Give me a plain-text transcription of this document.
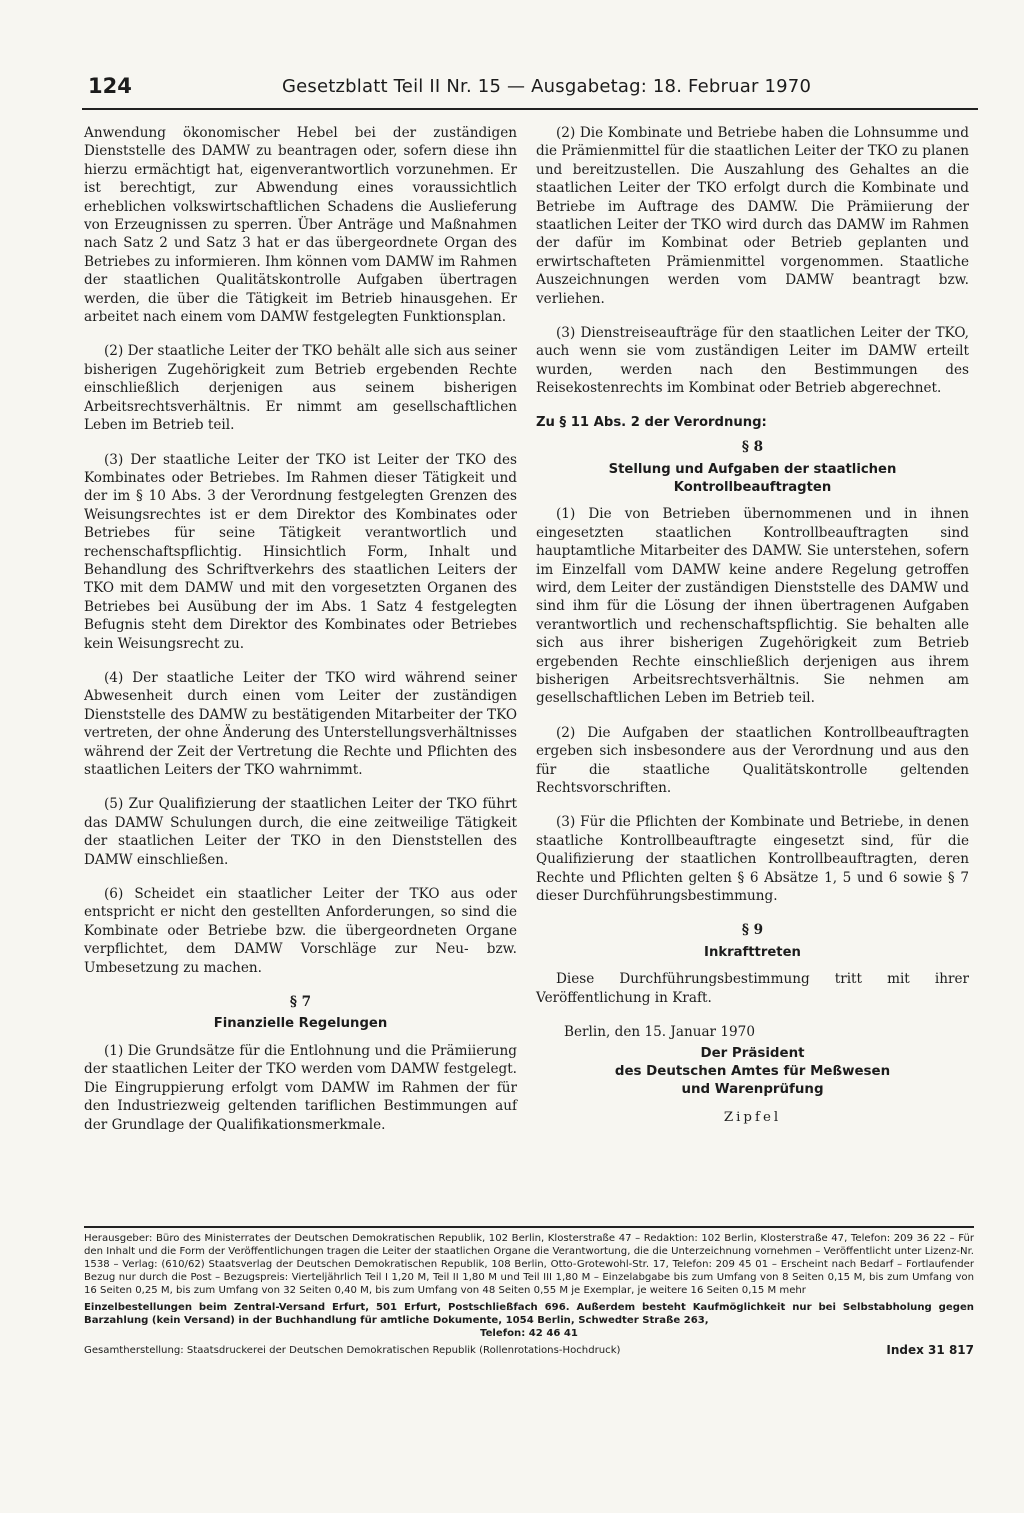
124	Gesetzblatt Teil II Nr. 15 — Ausgabetag: 18. Februar 1970

Anwendung ökonomischer Hebel bei der zuständigen Dienststelle des DAMW zu beantragen oder, sofern diese ihn hierzu ermächtigt hat, eigenverantwortlich vorzunehmen. Er ist berechtigt, zur Abwendung eines voraussichtlich erheblichen volkswirtschaftlichen Schadens die Auslieferung von Erzeugnissen zu sperren. Über Anträge und Maßnahmen nach Satz 2 und Satz 3 hat er das übergeordnete Organ des Betriebes zu informieren. Ihm können vom DAMW im Rahmen der staatlichen Qualitätskontrolle Aufgaben übertragen werden, die über die Tätigkeit im Betrieb hinausgehen. Er arbeitet nach einem vom DAMW festgelegten Funktionsplan.

(2) Der staatliche Leiter der TKO behält alle sich aus seiner bisherigen Zugehörigkeit zum Betrieb ergebenden Rechte einschließlich derjenigen aus seinem bisherigen Arbeitsrechtsverhältnis. Er nimmt am gesellschaftlichen Leben im Betrieb teil.

(3) Der staatliche Leiter der TKO ist Leiter der TKO des Kombinates oder Betriebes. Im Rahmen dieser Tätigkeit und der im § 10 Abs. 3 der Verordnung festgelegten Grenzen des Weisungsrechtes ist er dem Direktor des Kombinates oder Betriebes für seine Tätigkeit verantwortlich und rechenschaftspflichtig. Hinsichtlich Form, Inhalt und Behandlung des Schriftverkehrs des staatlichen Leiters der TKO mit dem DAMW und mit den vorgesetzten Organen des Betriebes bei Ausübung der im Abs. 1 Satz 4 festgelegten Befugnis steht dem Direktor des Kombinates oder Betriebes kein Weisungsrecht zu.

(4) Der staatliche Leiter der TKO wird während seiner Abwesenheit durch einen vom Leiter der zuständigen Dienststelle des DAMW zu bestätigenden Mitarbeiter der TKO vertreten, der ohne Änderung des Unterstellungsverhältnisses während der Zeit der Vertretung die Rechte und Pflichten des staatlichen Leiters der TKO wahrnimmt.

(5) Zur Qualifizierung der staatlichen Leiter der TKO führt das DAMW Schulungen durch, die eine zeitweilige Tätigkeit der staatlichen Leiter der TKO in den Dienststellen des DAMW einschließen.

(6) Scheidet ein staatlicher Leiter der TKO aus oder entspricht er nicht den gestellten Anforderungen, so sind die Kombinate oder Betriebe bzw. die übergeordneten Organe verpflichtet, dem DAMW Vorschläge zur Neu- bzw. Umbesetzung zu machen.

§ 7
Finanzielle Regelungen

(1) Die Grundsätze für die Entlohnung und die Prämiierung der staatlichen Leiter der TKO werden vom DAMW festgelegt. Die Eingruppierung erfolgt vom DAMW im Rahmen der für den Industriezweig geltenden tariflichen Bestimmungen auf der Grundlage der Qualifikationsmerkmale.

(2) Die Kombinate und Betriebe haben die Lohnsumme und die Prämienmittel für die staatlichen Leiter der TKO zu planen und bereitzustellen. Die Auszahlung des Gehaltes an die staatlichen Leiter der TKO erfolgt durch die Kombinate und Betriebe im Auftrage des DAMW. Die Prämiierung der staatlichen Leiter der TKO wird durch das DAMW im Rahmen der dafür im Kombinat oder Betrieb geplanten und erwirtschafteten Prämienmittel vorgenommen. Staatliche Auszeichnungen werden vom DAMW beantragt bzw. verliehen.

(3) Dienstreiseaufträge für den staatlichen Leiter der TKO, auch wenn sie vom zuständigen Leiter im DAMW erteilt wurden, werden nach den Bestimmungen des Reisekostenrechts im Kombinat oder Betrieb abgerechnet.

Zu § 11 Abs. 2 der Verordnung:
§ 8
Stellung und Aufgaben der staatlichen
Kontrollbeauftragten

(1) Die von Betrieben übernommenen und in ihnen eingesetzten staatlichen Kontrollbeauftragten sind hauptamtliche Mitarbeiter des DAMW. Sie unterstehen, sofern im Einzelfall vom DAMW keine andere Regelung getroffen wird, dem Leiter der zuständigen Dienststelle des DAMW und sind ihm für die Lösung der ihnen übertragenen Aufgaben verantwortlich und rechenschaftspflichtig. Sie behalten alle sich aus ihrer bisherigen Zugehörigkeit zum Betrieb ergebenden Rechte einschließlich derjenigen aus ihrem bisherigen Arbeitsrechtsverhältnis. Sie nehmen am gesellschaftlichen Leben im Betrieb teil.

(2) Die Aufgaben der staatlichen Kontrollbeauftragten ergeben sich insbesondere aus der Verordnung und aus den für die staatliche Qualitätskontrolle geltenden Rechtsvorschriften.

(3) Für die Pflichten der Kombinate und Betriebe, in denen staatliche Kontrollbeauftragte eingesetzt sind, für die Qualifizierung der staatlichen Kontrollbeauftragten, deren Rechte und Pflichten gelten § 6 Absätze 1, 5 und 6 sowie § 7 dieser Durchführungsbestimmung.

§ 9
Inkrafttreten

Diese Durchführungsbestimmung tritt mit ihrer Veröffentlichung in Kraft.

Berlin, den 15. Januar 1970
Der Präsident
des Deutschen Amtes für Meßwesen
und Warenprüfung
Zipfel
Herausgeber: Büro des Ministerrates der Deutschen Demokratischen Republik, 102 Berlin, Klosterstraße 47 – Redaktion: 102 Berlin, Klosterstraße 47, Telefon: 209 36 22 – Für den Inhalt und die Form der Veröffentlichungen tragen die Leiter der staatlichen Organe die Verantwortung, die die Unterzeichnung vornehmen – Veröffentlicht unter Lizenz-Nr. 1538 – Verlag: (610/62) Staatsverlag der Deutschen Demokratischen Republik, 108 Berlin, Otto-Grotewohl-Str. 17, Telefon: 209 45 01 – Erscheint nach Bedarf – Fortlaufender Bezug nur durch die Post – Bezugspreis: Vierteljährlich Teil I 1,20 M, Teil II 1,80 M und Teil III 1,80 M – Einzelabgabe bis zum Umfang von 8 Seiten 0,15 M, bis zum Umfang von 16 Seiten 0,25 M, bis zum Umfang von 32 Seiten 0,40 M, bis zum Umfang von 48 Seiten 0,55 M je Exemplar, je weitere 16 Seiten 0,15 M mehr
Einzelbestellungen beim Zentral-Versand Erfurt, 501 Erfurt, Postschließfach 696. Außerdem besteht Kaufmöglichkeit nur bei Selbstabholung gegen Barzahlung (kein Versand) in der Buchhandlung für amtliche Dokumente, 1054 Berlin, Schwedter Straße 263,
Telefon: 42 46 41
Gesamtherstellung: Staatsdruckerei der Deutschen Demokratischen Republik (Rollenrotations-Hochdruck)	Index 31 817
